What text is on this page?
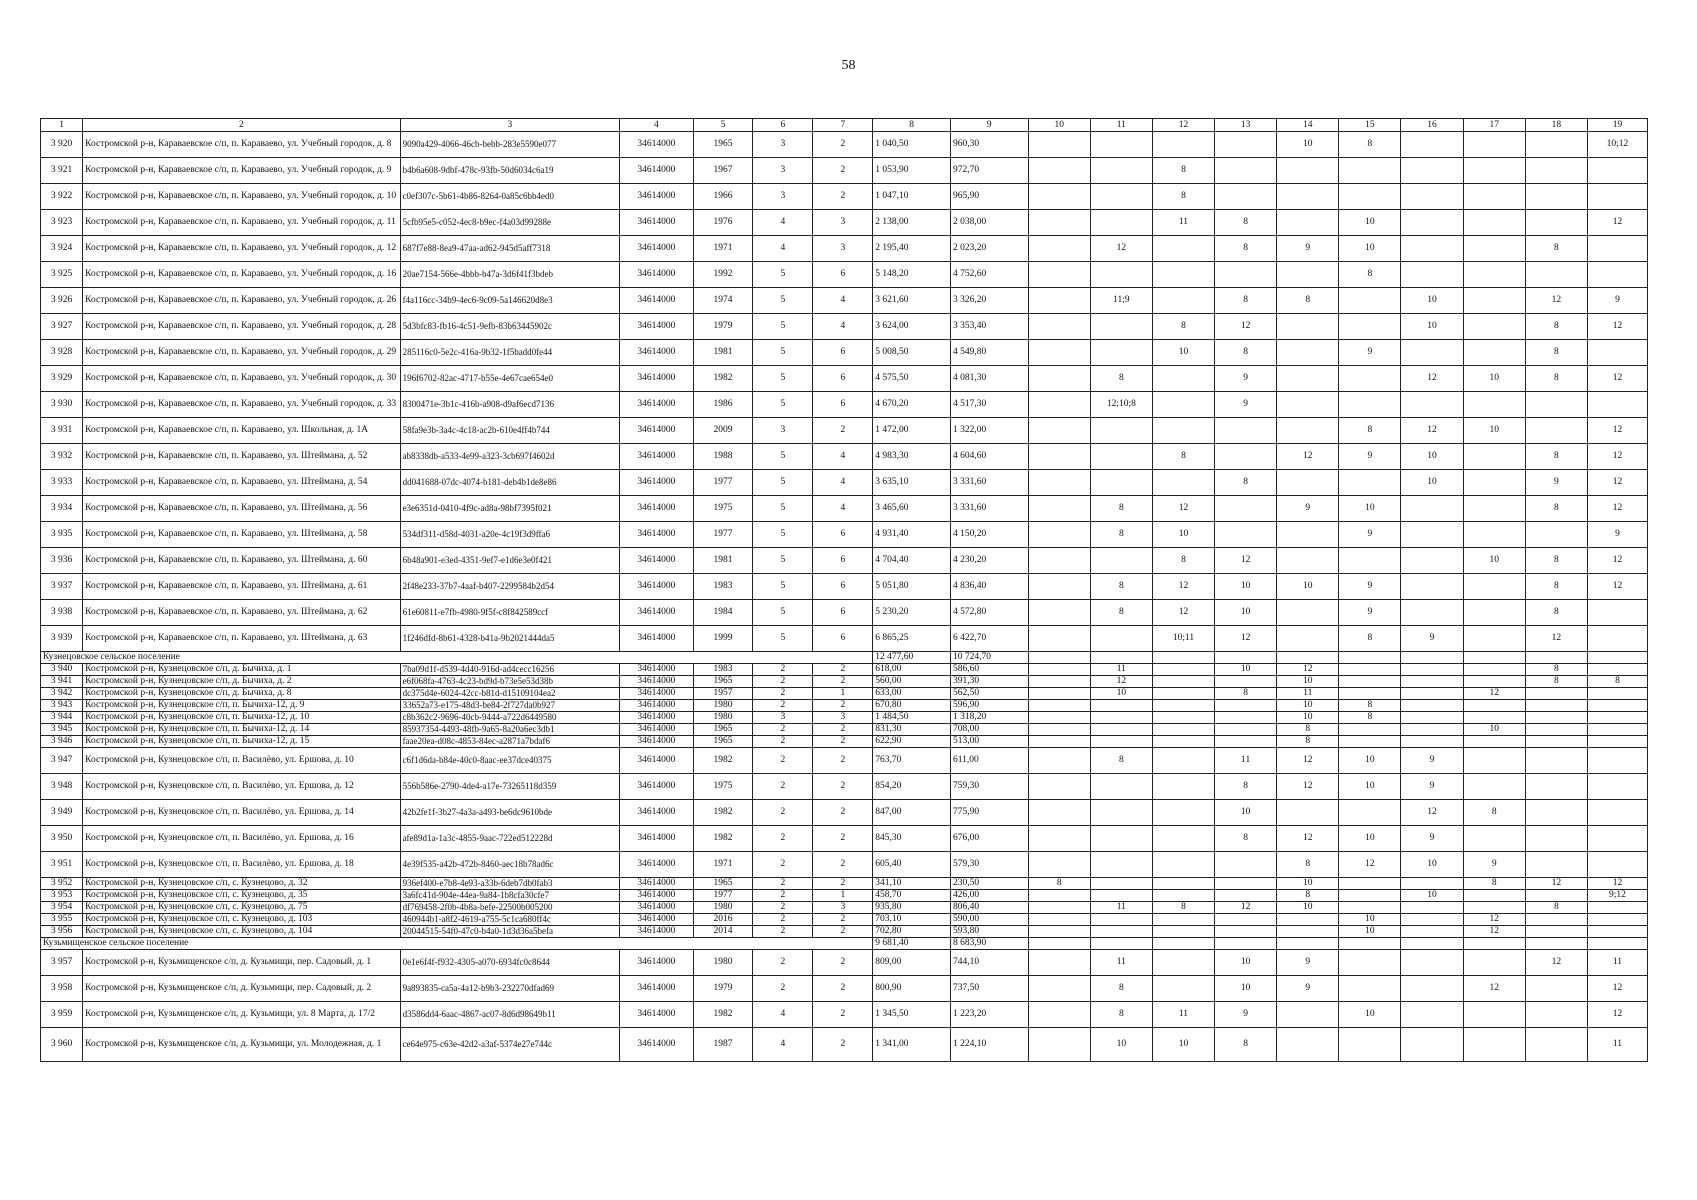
58
1	2	3	4	5	6	7	8	9	10	11	12	13	14	15	16	17	18	19
3 920	Костромской р-н, Караваевское с/п, п. Караваево, ул. Учебный городок, д. 8	9090a429-4066-46cb-bebb-283e5590e077	34614000	1965	3	2	1 040,50	960,30					10	8				10;12
3 921	Костромской р-н, Караваевское с/п, п. Караваево, ул. Учебный городок, д. 9	b4b6a608-9dbf-478c-93fb-50d6034c6a19	34614000	1967	3	2	1 053,90	972,70			8							
3 922	Костромской р-н, Караваевское с/п, п. Караваево, ул. Учебный городок, д. 10	c0ef307c-5b61-4b86-8264-0a85c6bb4ed0	34614000	1966	3	2	1 047,10	965,90			8							
3 923	Костромской р-н, Караваевское с/п, п. Караваево, ул. Учебный городок, д. 11	5cfb95e5-c052-4ec8-b9ec-f4a03d99288e	34614000	1976	4	3	2 138,00	2 038,00			11	8		10				12
3 924	Костромской р-н, Караваевское с/п, п. Караваево, ул. Учебный городок, д. 12	687f7e88-8ea9-47aa-ad62-945d5aff7318	34614000	1971	4	3	2 195,40	2 023,20		12		8	9	10			8	
3 925	Костромской р-н, Караваевское с/п, п. Караваево, ул. Учебный городок, д. 16	20ae7154-566e-4bbb-b47a-3d6f41f3bdeb	34614000	1992	5	6	5 148,20	4 752,60						8				
3 926	Костромской р-н, Караваевское с/п, п. Караваево, ул. Учебный городок, д. 26	f4a116cc-34b9-4ec6-9c09-5a146620d8e3	34614000	1974	5	4	3 621,60	3 326,20		11;9		8	8		10		12	9
3 927	Костромской р-н, Караваевское с/п, п. Караваево, ул. Учебный городок, д. 28	5d3bfc83-fb16-4c51-9efb-83b63445902c	34614000	1979	5	4	3 624,00	3 353,40			8	12			10		8	12
3 928	Костромской р-н, Караваевское с/п, п. Караваево, ул. Учебный городок, д. 29	285116c0-5e2c-416a-9b32-1f5badd0fe44	34614000	1981	5	6	5 008,50	4 549,80			10	8		9			8	
3 929	Костромской р-н, Караваевское с/п, п. Караваево, ул. Учебный городок, д. 30	196f6702-82ac-4717-b55e-4e67cae654e0	34614000	1982	5	6	4 575,50	4 081,30		8		9			12	10	8	12
3 930	Костромской р-н, Караваевское с/п, п. Караваево, ул. Учебный городок, д. 33	8300471e-3b1c-416b-a908-d9af6ecd7136	34614000	1986	5	6	4 670,20	4 517,30		12;10;8		9						
3 931	Костромской р-н, Караваевское с/п, п. Караваево, ул. Школьная, д. 1А	58fa9e3b-3a4c-4c18-ac2b-610e4ff4b744	34614000	2009	3	2	1 472,00	1 322,00						8	12	10		12
3 932	Костромской р-н, Караваевское с/п, п. Караваево, ул. Штеймана, д. 52	ab8338db-a533-4e99-a323-3cb697f4602d	34614000	1988	5	4	4 983,30	4 604,60			8		12	9	10		8	12
3 933	Костромской р-н, Караваевское с/п, п. Караваево, ул. Штеймана, д. 54	dd041688-07dc-4074-b181-deb4b1de8e86	34614000	1977	5	4	3 635,10	3 331,60				8			10		9	12
3 934	Костромской р-н, Караваевское с/п, п. Караваево, ул. Штеймана, д. 56	e3e6351d-0410-4f9c-ad8a-98bf7395f021	34614000	1975	5	4	3 465,60	3 331,60		8	12		9	10			8	12
3 935	Костромской р-н, Караваевское с/п, п. Караваево, ул. Штеймана, д. 58	534df311-d58d-4031-a20e-4c19f3d9ffa6	34614000	1977	5	6	4 931,40	4 150,20		8	10			9				9
3 936	Костромской р-н, Караваевское с/п, п. Караваево, ул. Штеймана, д. 60	6b48a901-e3ed-4351-9ef7-e1d6e3e0f421	34614000	1981	5	6	4 704,40	4 230,20			8	12				10	8	12
3 937	Костромской р-н, Караваевское с/п, п. Караваево, ул. Штеймана, д. 61	2f48e233-37b7-4aaf-b407-2299584b2d54	34614000	1983	5	6	5 051,80	4 836,40		8	12	10	10	9			8	12
3 938	Костромской р-н, Караваевское с/п, п. Караваево, ул. Штеймана, д. 62	61e60811-e7fb-4980-9f5f-c8f842589ccf	34614000	1984	5	6	5 230,20	4 572,80		8	12	10		9			8	
3 939	Костромской р-н, Караваевское с/п, п. Караваево, ул. Штеймана, д. 63	1f246dfd-8b61-4328-b41a-9b2021444da5	34614000	1999	5	6	6 865,25	6 422,70			10;11	12		8	9		12	
Кузнецовское сельское поселение							12 477,60	10 724,70										
3 940	Костромской р-н, Кузнецовское с/п, д. Бычиха, д. 1	7ba09d1f-d539-4d40-916d-ad4cecc16256	34614000	1983	2	2	618,00	586,60		11		10	12				8	
3 941	Костромской р-н, Кузнецовское с/п, д. Бычиха, д. 2	e6f068fa-4763-4c23-bd9d-b73e5e53d38b	34614000	1965	2	2	560,00	391,30		12			10				8	8
3 942	Костромской р-н, Кузнецовское с/п, д. Бычиха, д. 8	dc375d4e-6024-42cc-b81d-d15109104ea2	34614000	1957	2	1	633,00	562,50		10		8	11			12		
3 943	Костромской р-н, Кузнецовское с/п, п. Бычиха-12, д. 9	33652a73-e175-48d3-be84-2f727da0b927	34614000	1980	2	2	670,80	596,90					10	8				
3 944	Костромской р-н, Кузнецовское с/п, п. Бычиха-12, д. 10	c8b362c2-9696-40cb-9444-a722d6449580	34614000	1980	3	3	1 484,50	1 318,20					10	8				
3 945	Костромской р-н, Кузнецовское с/п, п. Бычиха-12, д. 14	85937354-4493-48fb-9a65-8a20a6ec3db1	34614000	1965	2	2	831,30	708,00					8			10		
3 946	Костромской р-н, Кузнецовское с/п, п. Бычиха-12, д. 15	faae20ea-d08c-4853-84ec-a2871a7bdaf6	34614000	1965	2	2	622,90	513,00					8					
3 947	Костромской р-н, Кузнецовское с/п, п. Василёво, ул. Ершова, д. 10	c6f1d6da-b84e-40c0-8aac-ee37dce40375	34614000	1982	2	2	763,70	611,00		8		11	12	10	9			
3 948	Костромской р-н, Кузнецовское с/п, п. Василёво, ул. Ершова, д. 12	556b586e-2790-4de4-a17e-73265118d359	34614000	1975	2	2	854,20	759,30				8	12	10	9			
3 949	Костромской р-н, Кузнецовское с/п, п. Василёво, ул. Ершова, д. 14	42b2fe1f-3b27-4a3a-a493-be6dc9610bde	34614000	1982	2	2	847,00	775,90				10			12	8		
3 950	Костромской р-н, Кузнецовское с/п, п. Василёво, ул. Ершова, д. 16	afe89d1a-1a3c-4855-9aac-722ed512228d	34614000	1982	2	2	845,30	676,00				8	12	10	9			
3 951	Костромской р-н, Кузнецовское с/п, п. Василёво, ул. Ершова, д. 18	4e39f535-a42b-472b-8460-aec18b78ad6c	34614000	1971	2	2	605,40	579,30					8	12	10	9		
3 952	Костромской р-н, Кузнецовское с/п, с. Кузнецово, д. 32	936ef400-e7b8-4e93-a33b-6deb7db0fab3	34614000	1965	2	2	341,10	230,50	8				10			8	12	12
3 953	Костромской р-н, Кузнецовское с/п, с. Кузнецово, д. 35	3a6fc41d-904e-44ea-9a84-1b8cfa30cfe7	34614000	1977	2	1	458,70	426,00					8		10			9;12
3 954	Костромской р-н, Кузнецовское с/п, с. Кузнецово, д. 75	df769458-2f0b-4b8a-befe-22500b005200	34614000	1980	2	3	935,80	806,40		11	8	12	10				8	
3 955	Костромской р-н, Кузнецовское с/п, с. Кузнецово, д. 103	460944b1-a8f2-4619-a755-5c1ca680ff4c	34614000	2016	2	2	703,10	590,00						10		12		
3 956	Костромской р-н, Кузнецовское с/п, с. Кузнецово, д. 104	20044515-54f0-47c0-b4a0-1d3d36a5befa	34614000	2014	2	2	702,80	593,80						10		12		
Кузьмищенское сельское поселение							9 681,40	8 683,90										
3 957	Костромской р-н, Кузьмищенское с/п, д. Кузьмищи, пер. Садовый, д. 1	0e1e6f4f-f932-4305-a070-6934fc0c8644	34614000	1980	2	2	809,00	744,10		11		10	9				12	11
3 958	Костромской р-н, Кузьмищенское с/п, д. Кузьмищи, пер. Садовый, д. 2	9a893835-ca5a-4a12-b9b3-232270dfad69	34614000	1979	2	2	800,90	737,50		8		10	9			12		12
3 959	Костромской р-н, Кузьмищенское с/п, д. Кузьмищи, ул. 8 Марта, д. 17/2	d3586dd4-6aac-4867-ac07-8d6d98649b11	34614000	1982	4	2	1 345,50	1 223,20		8	11	9		10				12
3 960	Костромской р-н, Кузьмищенское с/п, д. Кузьмищи, ул. Молодежная, д. 1	ce64e975-c63e-42d2-a3af-5374e27e744c	34614000	1987	4	2	1 341,00	1 224,10		10	10	8						11
